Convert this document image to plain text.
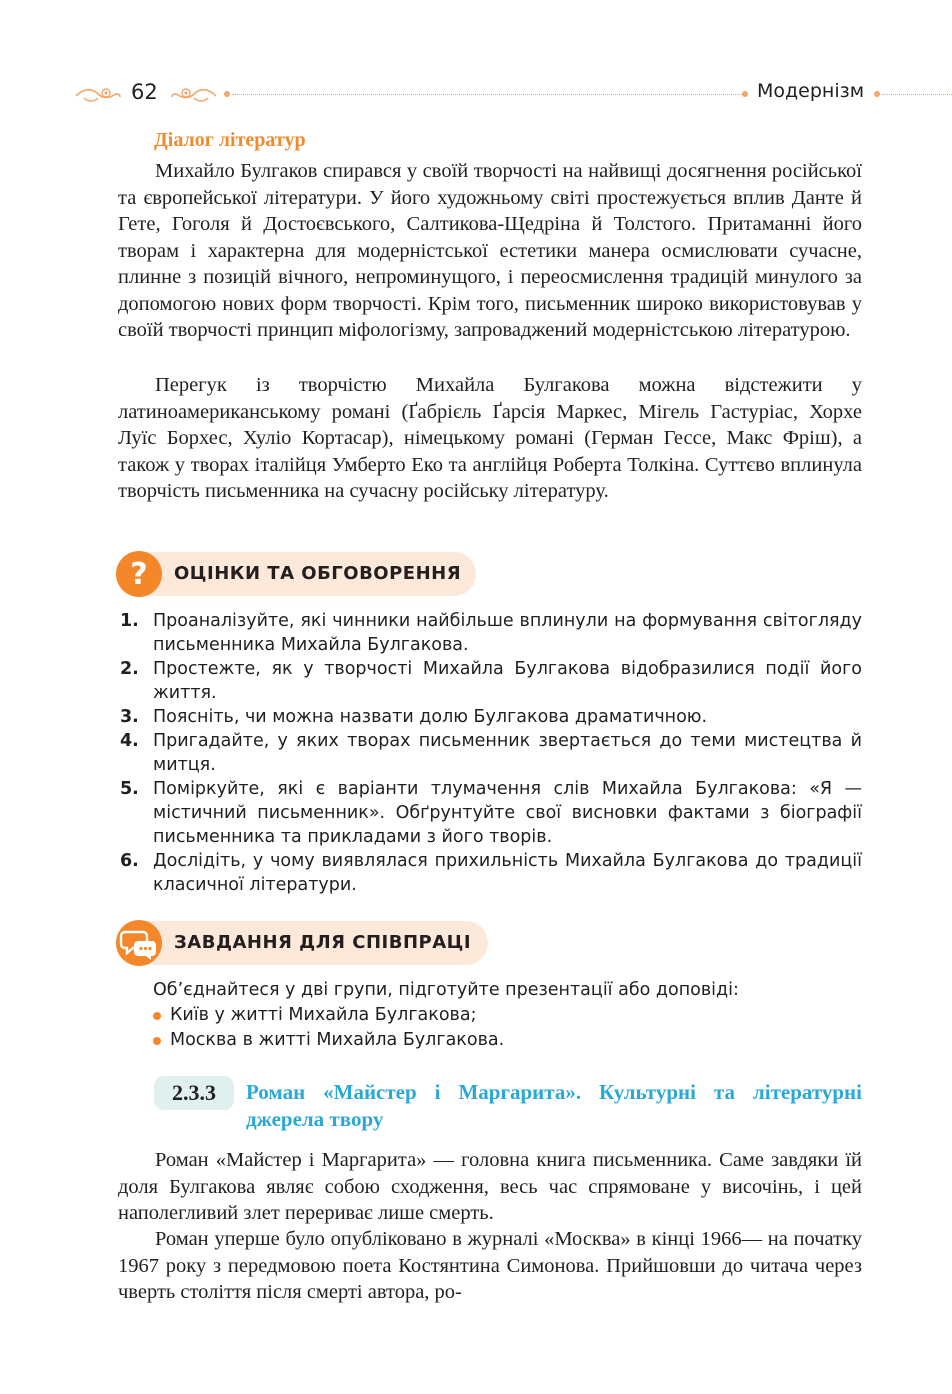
62	Модернізм
Діалог літератур

Михайло Булгаков спирався у своїй творчості на найвищі досягнення російської та європейської літератури. У його художньому світі простежується вплив Данте й Гете, Гоголя й Достоєвського, Салтикова-Щедріна й Толстого. Притаманні його творам і характерна для модерністської естетики манера осмислювати сучасне, плинне з позицій вічного, непроминущого, і переосмислення традицій минулого за допомогою нових форм творчості. Крім того, письменник широко використовував у своїй творчості принцип міфологізму, запроваджений модерністською літературою.

Перегук із творчістю Михайла Булгакова можна відстежити у латиноамериканському романі (Ґабрієль Ґарсія Маркес, Мігель Гастуріас, Хорхе Луїс Борхес, Хуліо Кортасар), німецькому романі (Герман Гессе, Макс Фріш), а також у творах італійця Умберто Еко та англійця Роберта Толкіна. Суттєво вплинула творчість письменника на сучасну російську літературу.

? ОЦІНКИ ТА ОБГОВОРЕННЯ
1. Проаналізуйте, які чинники найбільше вплинули на формування світогляду письменника Михайла Булгакова.
2. Простежте, як у творчості Михайла Булгакова відобразилися події його життя.
3. Поясніть, чи можна назвати долю Булгакова драматичною.
4. Пригадайте, у яких творах письменник звертається до теми мистецтва й митця.
5. Поміркуйте, які є варіанти тлумачення слів Михайла Булгакова: «Я — містичний письменник». Обґрунтуйте свої висновки фактами з біографії письменника та прикладами з його творів.
6. Дослідіть, у чому виявлялася прихильність Михайла Булгакова до традиції класичної літератури.
ЗАВДАННЯ ДЛЯ СПІВПРАЦІ
Об’єднайтеся у дві групи, підготуйте презентації або доповіді:
Київ у житті Михайла Булгакова;
Москва в житті Михайла Булгакова.
2.3.3	Роман «Майстер і Маргарита». Культурні та літературні джерела твору

Роман «Майстер і Маргарита» — головна книга письменника. Саме завдяки їй доля Булгакова являє собою сходження, весь час спрямоване у височінь, і цей наполегливий злет перериває лише смерть.

Роман уперше було опубліковано в журналі «Москва» в кінці 1966— на початку 1967 року з передмовою поета Костянтина Симонова. Прийшовши до читача через чверть століття після смерті автора, ро-
